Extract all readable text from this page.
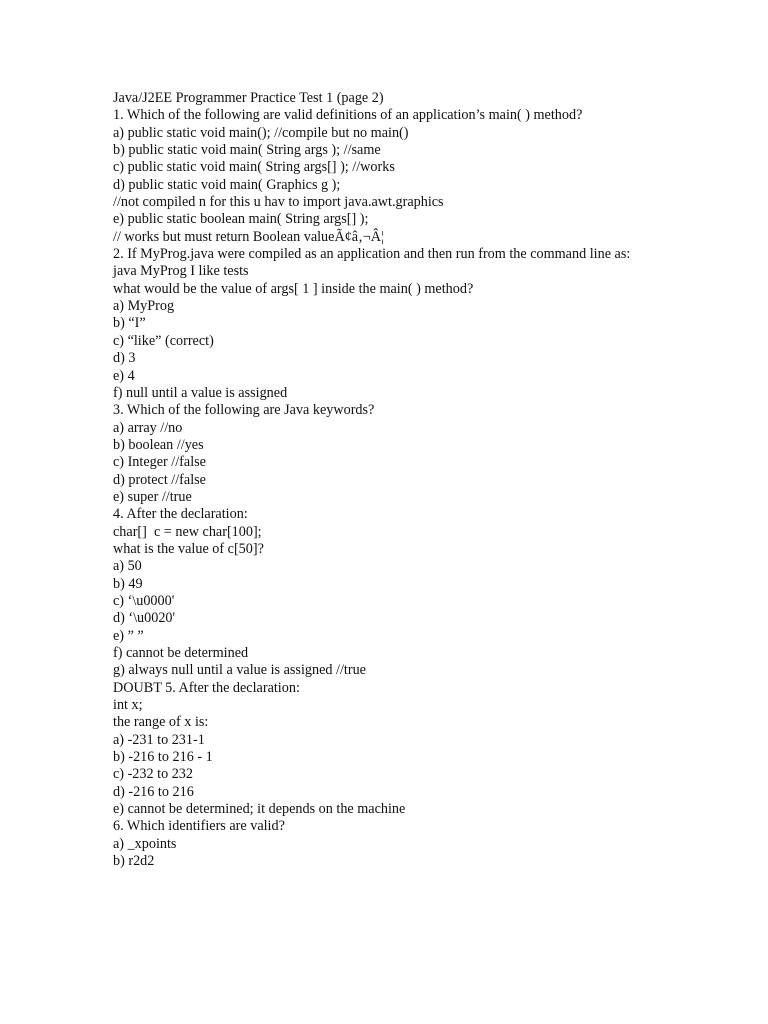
Java/J2EE Programmer Practice Test 1 (page 2)
1. Which of the following are valid definitions of an application’s main( ) method?
a) public static void main(); //compile but no main()
b) public static void main( String args ); //same
c) public static void main( String args[] ); //works
d) public static void main( Graphics g );
//not compiled n for this u hav to import java.awt.graphics
e) public static boolean main( String args[] );
// works but must return Boolean valueÃ¢â‚¬Â¦
2. If MyProg.java were compiled as an application and then run from the command line as:
java MyProg I like tests
what would be the value of args[ 1 ] inside the main( ) method?
a) MyProg
b) “I”
c) “like” (correct)
d) 3
e) 4
f) null until a value is assigned
3. Which of the following are Java keywords?
a) array //no
b) boolean //yes
c) Integer //false
d) protect //false
e) super //true
4. After the declaration:
char[]  c = new char[100];
what is the value of c[50]?
a) 50
b) 49
c) ‘\u0000'
d) ‘\u0020'
e) ” ”
f) cannot be determined
g) always null until a value is assigned //true
DOUBT 5. After the declaration:
int x;
the range of x is:
a) -231 to 231-1
b) -216 to 216 - 1
c) -232 to 232
d) -216 to 216
e) cannot be determined; it depends on the machine
6. Which identifiers are valid?
a) _xpoints
b) r2d2
